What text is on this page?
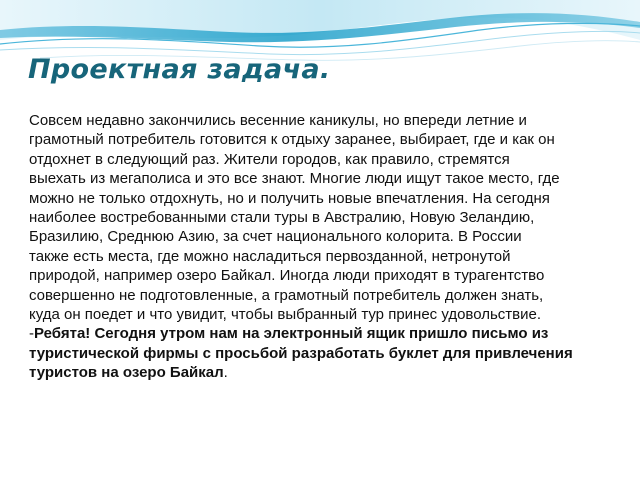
Проектная задача.

Совсем недавно закончились весенние каникулы, но впереди летние и
грамотный потребитель готовится к отдыху заранее, выбирает, где и как он
отдохнет в следующий раз. Жители городов, как правило, стремятся
выехать из мегаполиса и это все знают. Многие люди ищут такое место, где
можно не только отдохнуть, но и получить новые впечатления. На сегодня
наиболее востребованными стали туры в Австралию, Новую Зеландию,
Бразилию, Среднюю Азию, за счет национального колорита. В России
также есть места, где можно насладиться первозданной, нетронутой
природой, например озеро Байкал. Иногда люди приходят в турагентство
совершенно не подготовленные, а грамотный потребитель должен знать,
куда он поедет и что увидит, чтобы выбранный тур принес удовольствие.

-Ребята! Сегодня утром нам на электронный ящик пришло письмо из
туристической фирмы с просьбой разработать буклет для привлечения
туристов на озеро Байкал.
